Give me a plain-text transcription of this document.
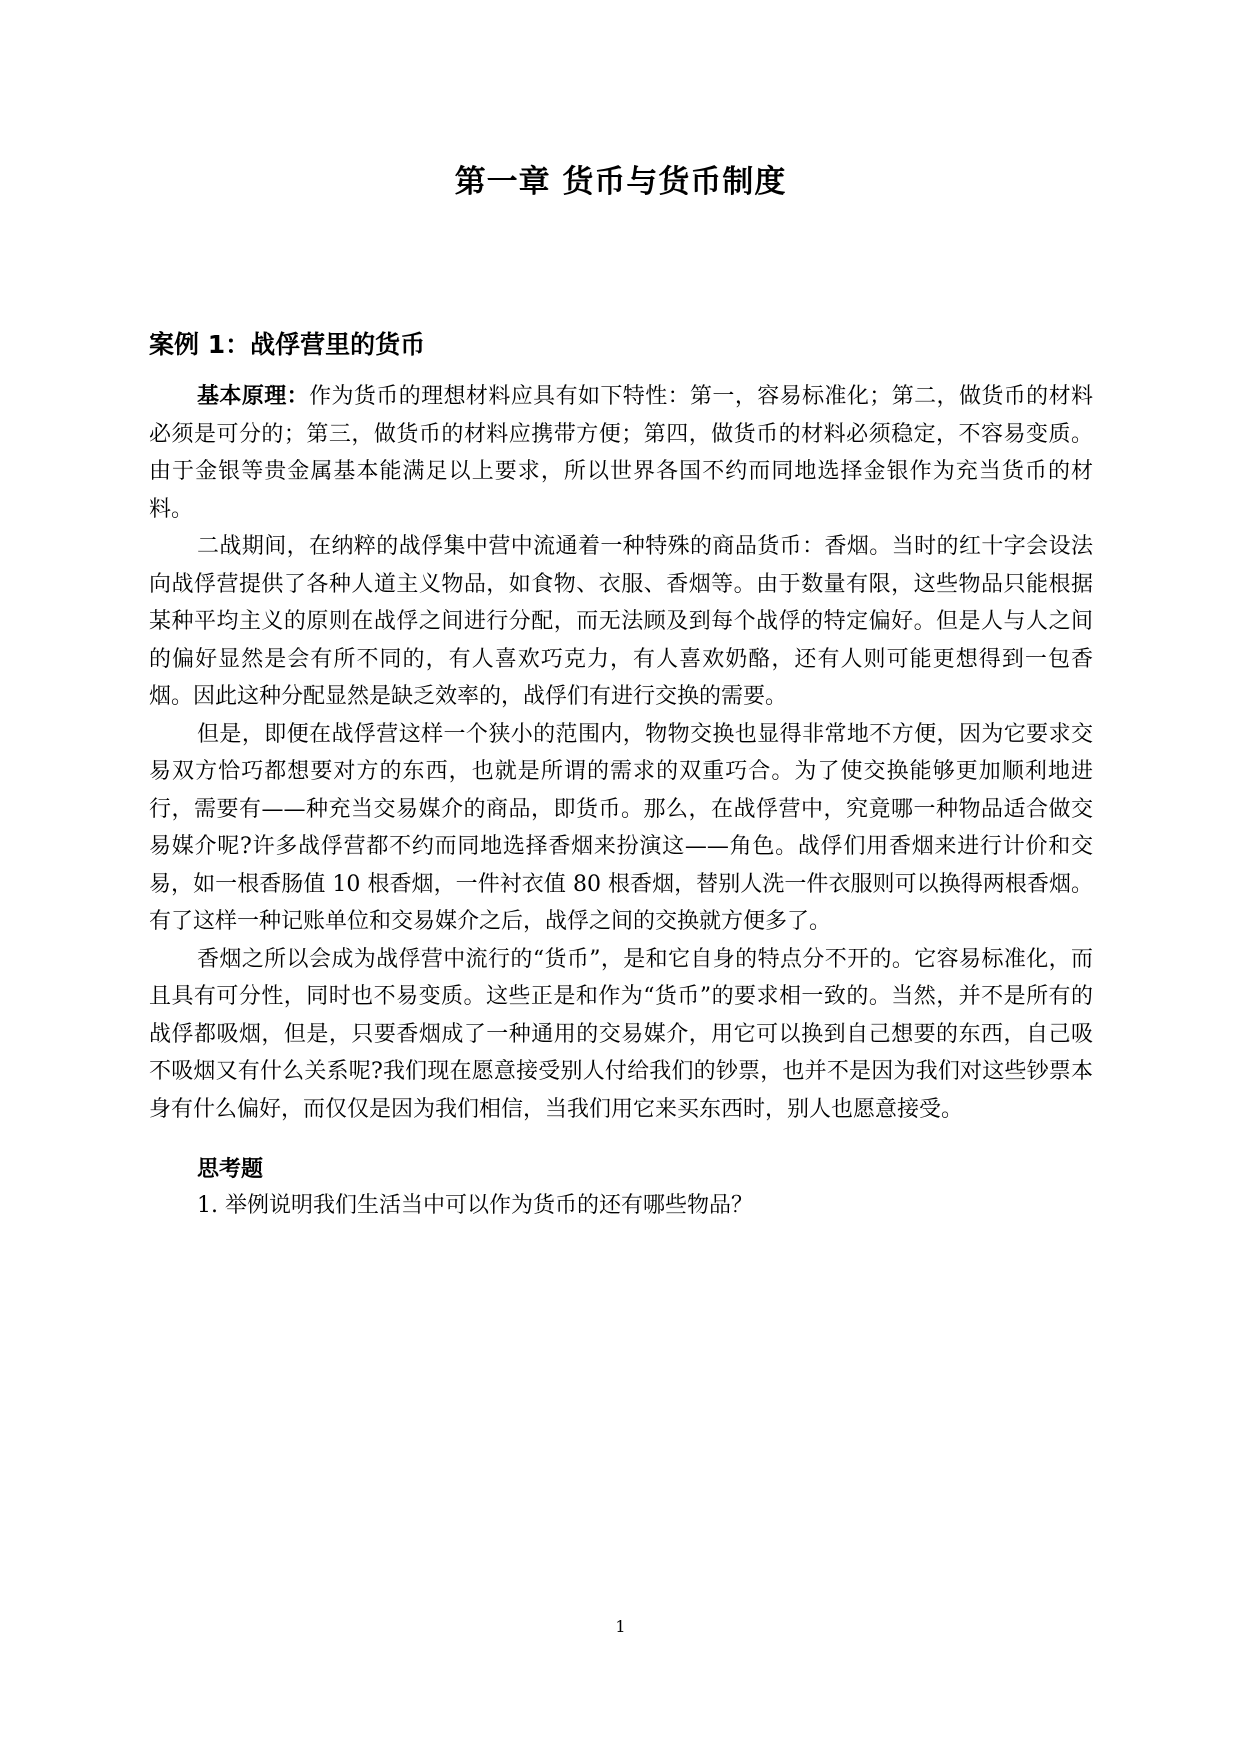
第一章 货币与货币制度
案例 1：战俘营里的货币

基本原理：作为货币的理想材料应具有如下特性：第一，容易标准化；第二，做货币的材料必须是可分的；第三，做货币的材料应携带方便；第四，做货币的材料必须稳定，不容易变质。由于金银等贵金属基本能满足以上要求，所以世界各国不约而同地选择金银作为充当货币的材料。

二战期间，在纳粹的战俘集中营中流通着一种特殊的商品货币：香烟。当时的红十字会设法向战俘营提供了各种人道主义物品，如食物、衣服、香烟等。由于数量有限，这些物品只能根据某种平均主义的原则在战俘之间进行分配，而无法顾及到每个战俘的特定偏好。但是人与人之间的偏好显然是会有所不同的，有人喜欢巧克力，有人喜欢奶酪，还有人则可能更想得到一包香烟。因此这种分配显然是缺乏效率的，战俘们有进行交换的需要。

但是，即便在战俘营这样一个狭小的范围内，物物交换也显得非常地不方便，因为它要求交易双方恰巧都想要对方的东西，也就是所谓的需求的双重巧合。为了使交换能够更加顺利地进行，需要有——种充当交易媒介的商品，即货币。那么，在战俘营中，究竟哪一种物品适合做交易媒介呢?许多战俘营都不约而同地选择香烟来扮演这——角色。战俘们用香烟来进行计价和交易，如一根香肠值 10 根香烟，一件衬衣值 80 根香烟，替别人洗一件衣服则可以换得两根香烟。有了这样一种记账单位和交易媒介之后，战俘之间的交换就方便多了。

香烟之所以会成为战俘营中流行的“货币”，是和它自身的特点分不开的。它容易标准化，而且具有可分性，同时也不易变质。这些正是和作为“货币”的要求相一致的。当然，并不是所有的战俘都吸烟，但是，只要香烟成了一种通用的交易媒介，用它可以换到自己想要的东西，自己吸不吸烟又有什么关系呢?我们现在愿意接受别人付给我们的钞票，也并不是因为我们对这些钞票本身有什么偏好，而仅仅是因为我们相信，当我们用它来买东西时，别人也愿意接受。

思考题
1. 举例说明我们生活当中可以作为货币的还有哪些物品？
1
